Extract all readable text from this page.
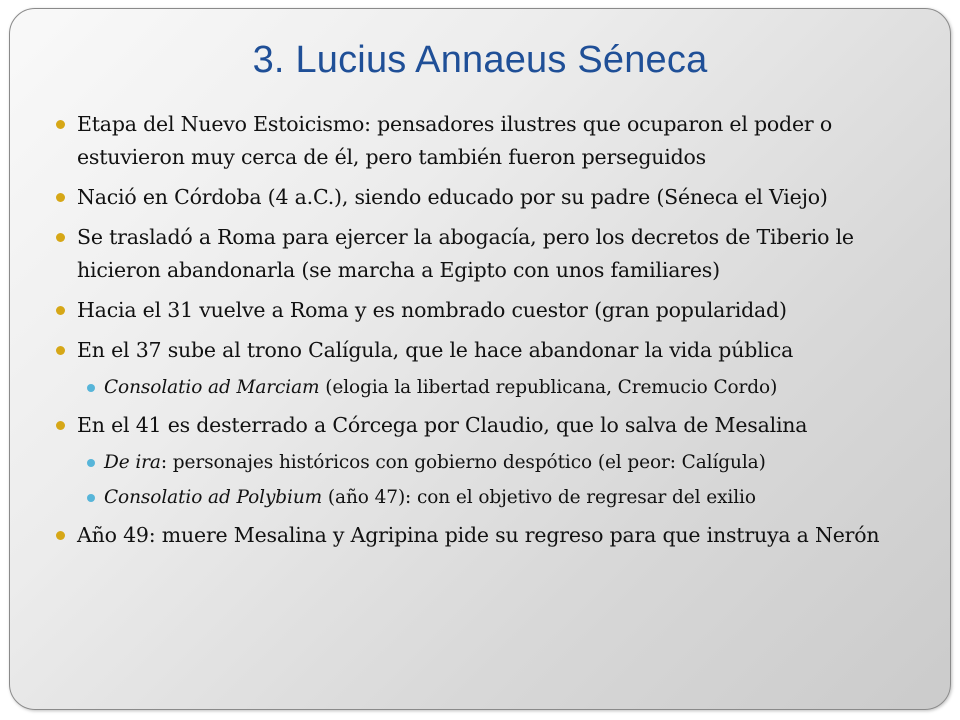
3. Lucius Annaeus Séneca
Etapa del Nuevo Estoicismo: pensadores ilustres que ocuparon el poder o estuvieron muy cerca de él, pero también fueron perseguidos
Nació en Córdoba (4 a.C.), siendo educado por su padre (Séneca el Viejo)
Se trasladó a Roma para ejercer la abogacía, pero los decretos de Tiberio le hicieron abandonarla (se marcha a Egipto con unos familiares)
Hacia el 31 vuelve a Roma y es nombrado cuestor (gran popularidad)
En el 37 sube al trono Calígula, que le hace abandonar la vida pública
Consolatio ad Marciam (elogia la libertad republicana, Cremucio Cordo)
En el 41 es desterrado a Córcega por Claudio, que lo salva de Mesalina
De ira: personajes históricos con gobierno despótico (el peor: Calígula)
Consolatio ad Polybium (año 47): con el objetivo de regresar del exilio
Año 49: muere Mesalina y Agripina pide su regreso para que instruya a Nerón
